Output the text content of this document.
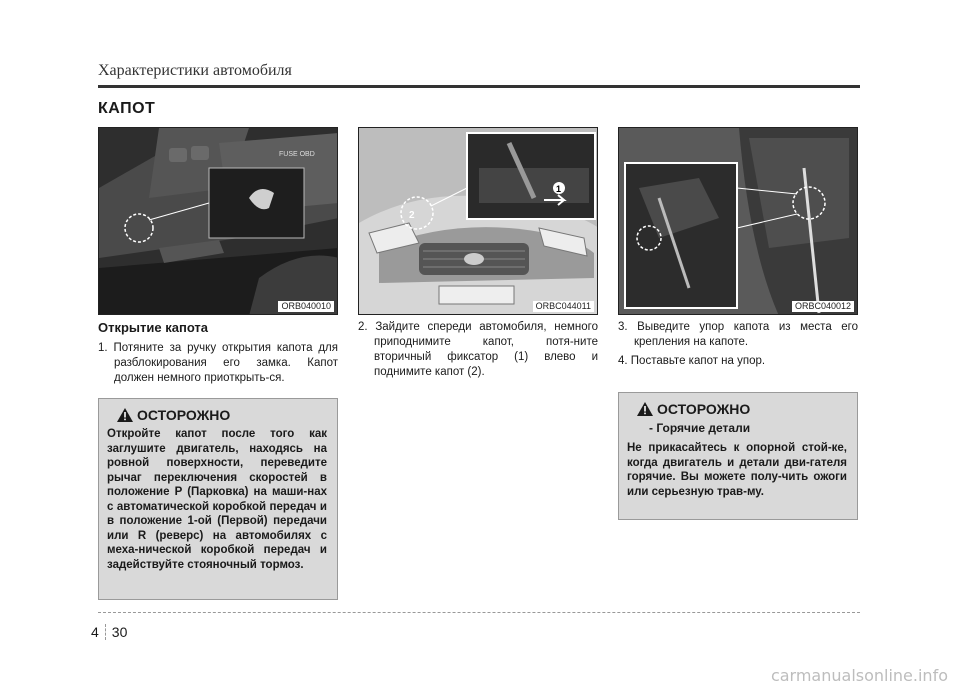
Характеристики автомобиля
КАПОТ
FUSE OBD
ORB040010
1
2
ORBC044011	ORBC040012
Открытие капота

1. Потяните за ручку открытия капота для разблокирования его замка. Капот должен немного приоткрыть-ся.

2. Зайдите спереди автомобиля, немного приподнимите капот, потя-ните вторичный фиксатор (1) влево и поднимите капот (2).

3. Выведите упор капота из места его крепления на капоте.

4. Поставьте капот на упор.

ОСТОРОЖНО
Откройте капот после того как заглушите двигатель, находясь на ровной поверхности, переведите рычаг переключения скоростей в положение P (Парковка) на маши-нах с автоматической коробкой передач и в положение 1-ой (Первой) передачи или R (реверс) на автомобилях с меха-нической коробкой передач и задействуйте стояночный тормоз.
ОСТОРОЖНО
- Горячие детали
Не прикасайтесь к опорной стой-ке, когда двигатель и детали дви-гателя горячие. Вы можете полу-чить ожоги или серьезную трав-му.
4 30
carmanualsonline.info
